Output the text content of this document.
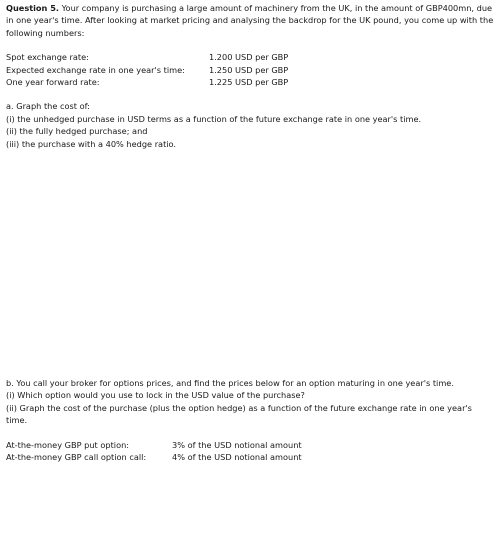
Question 5. Your company is purchasing a large amount of machinery from the UK, in the amount of GBP400mn, due in one year's time. After looking at market pricing and analysing the backdrop for the UK pound, you come up with the following numbers:

Spot exchange rate:	1.200 USD per GBP
Expected exchange rate in one year's time:	1.250 USD per GBP
One year forward rate:	1.225 USD per GBP

a. Graph the cost of:

(i) the unhedged purchase in USD terms as a function of the future exchange rate in one year's time.

(ii) the fully hedged purchase; and

(iii) the purchase with a 40% hedge ratio.

b. You call your broker for options prices, and find the prices below for an option maturing in one year's time.

(i) Which option would you use to lock in the USD value of the purchase?

(ii) Graph the cost of the purchase (plus the option hedge) as a function of the future exchange rate in one year's time.

At-the-money GBP put option:	3% of the USD notional amount
At-the-money GBP call option call:	4% of the USD notional amount
